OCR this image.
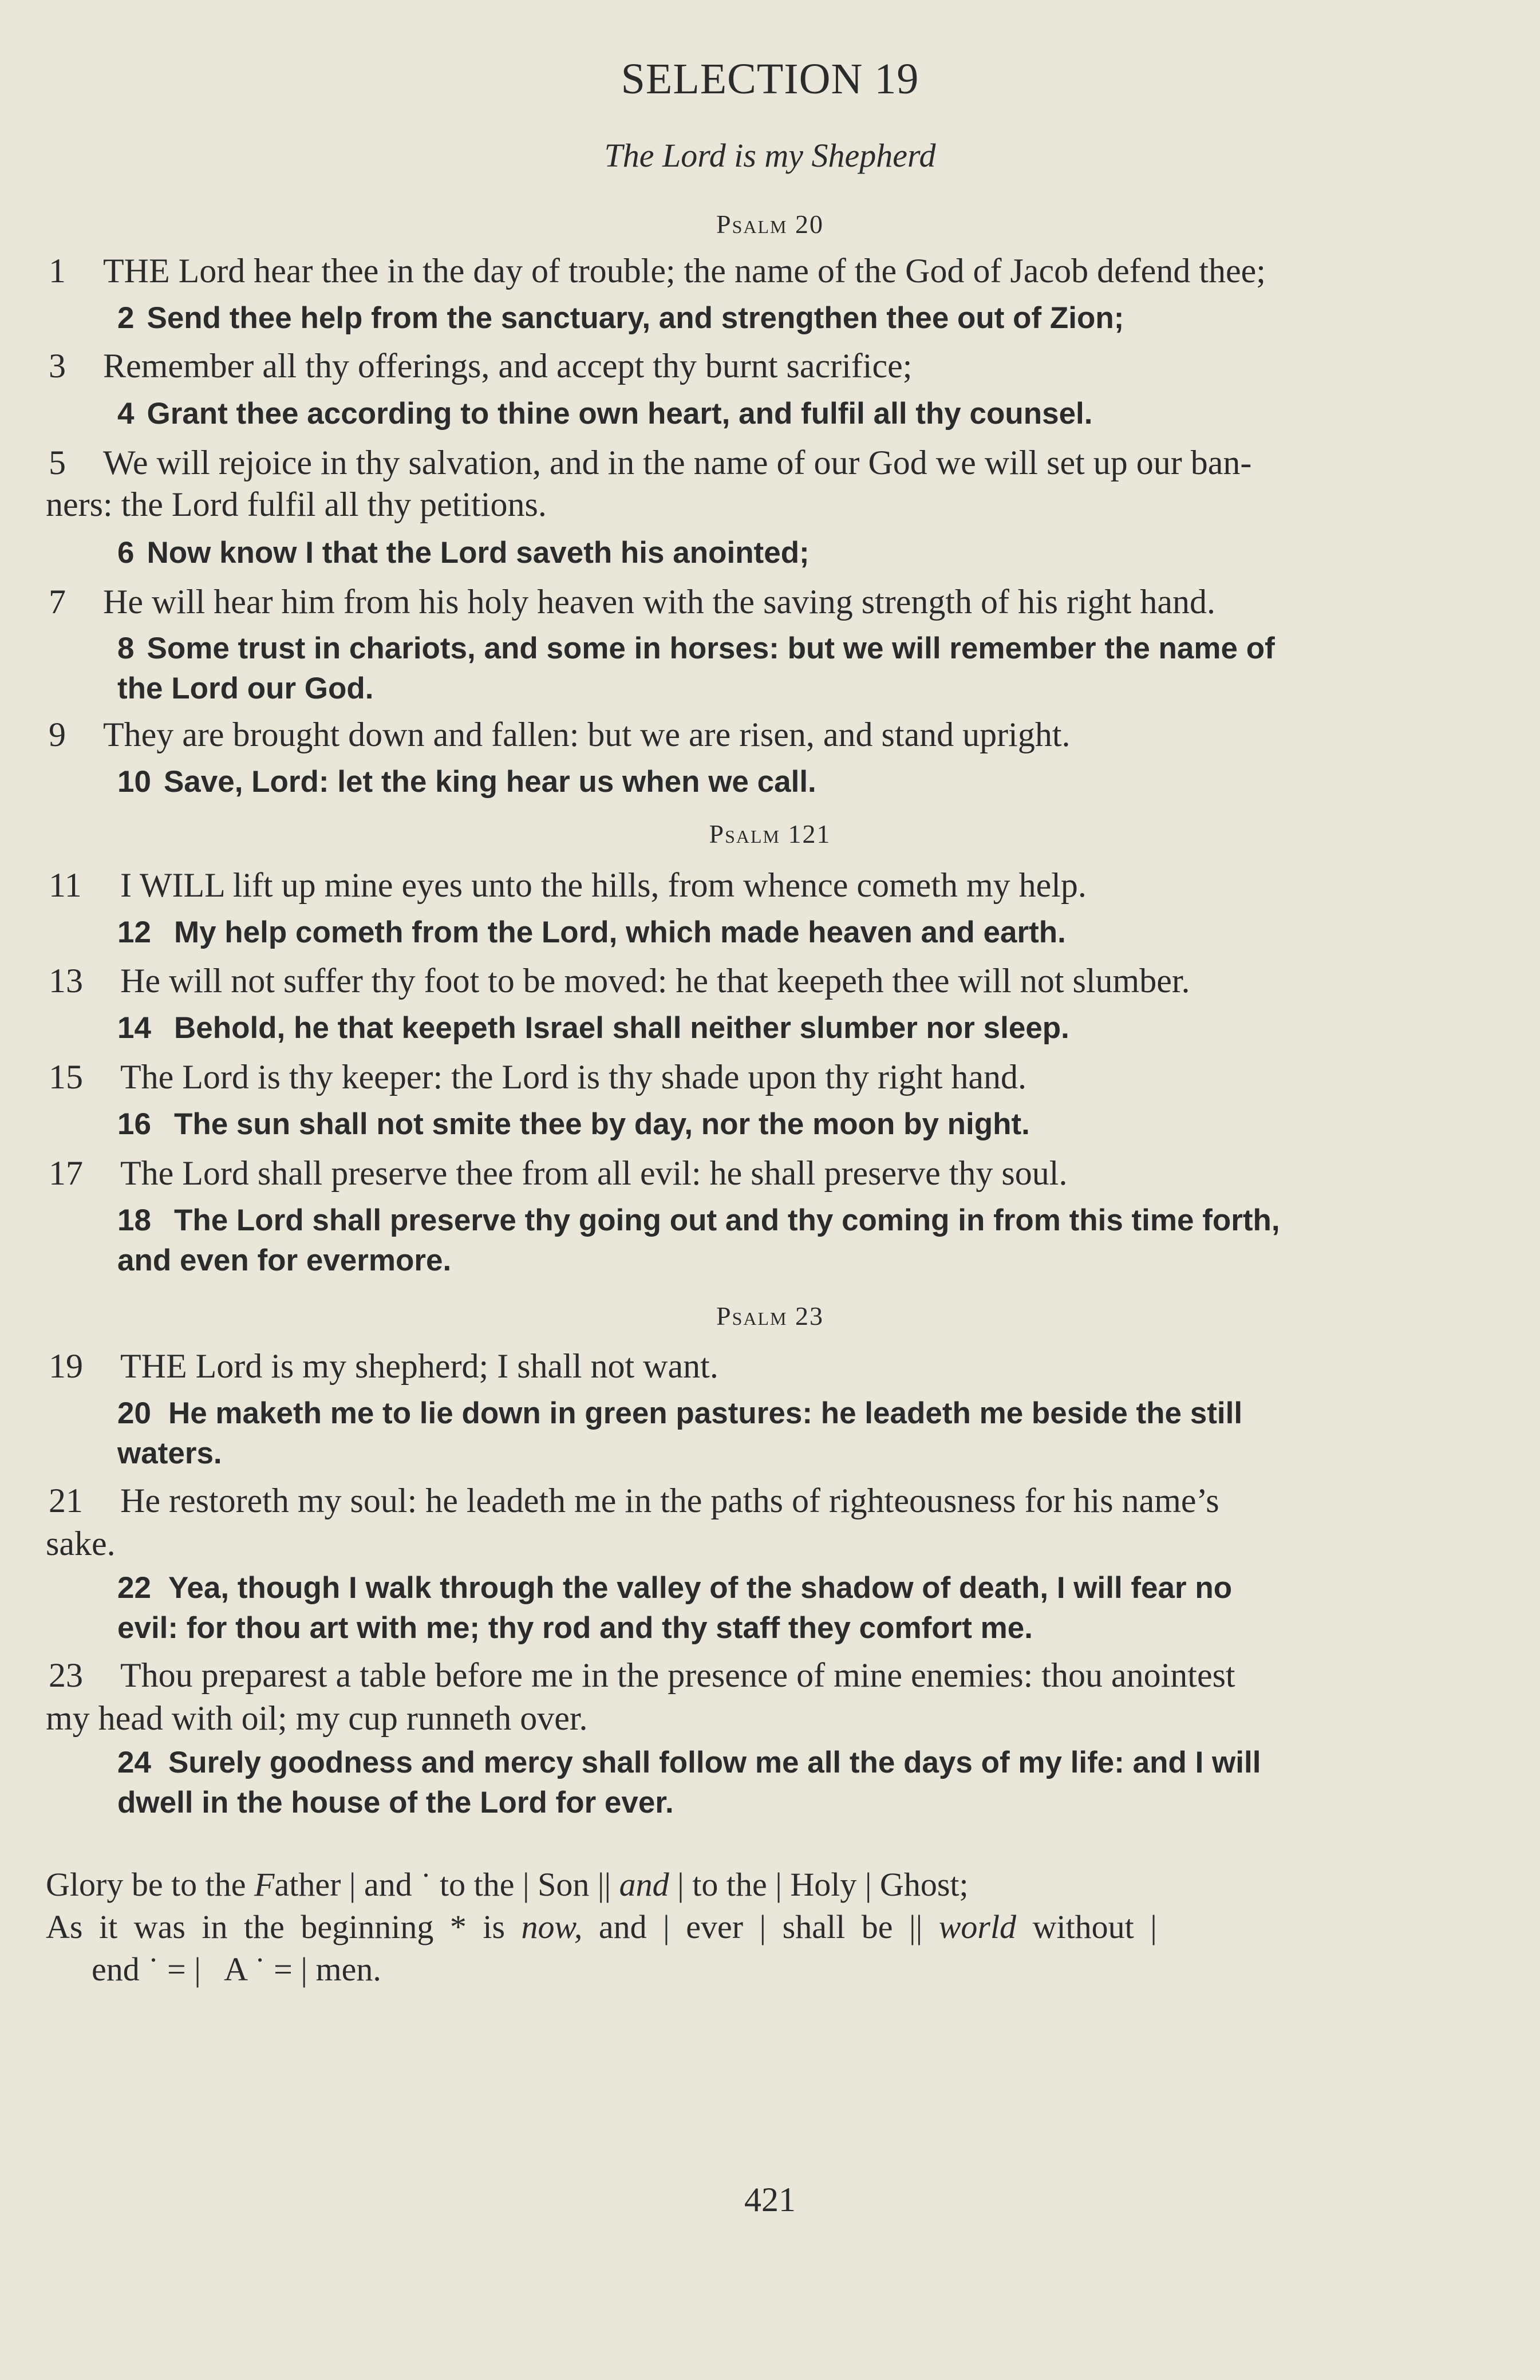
SELECTION 19
The Lord is my Shepherd
Psalm 20
1 THE Lord hear thee in the day of trouble; the name of the God of Jacob defend thee;
2 Send thee help from the sanctuary, and strengthen thee out of Zion;
3 Remember all thy offerings, and accept thy burnt sacrifice;
4 Grant thee according to thine own heart, and fulfil all thy counsel.
5 We will rejoice in thy salvation, and in the name of our God we will set up our ban-
ners: the Lord fulfil all thy petitions.
6 Now know I that the Lord saveth his anointed;
7 He will hear him from his holy heaven with the saving strength of his right hand.
8 Some trust in chariots, and some in horses: but we will remember the name of
the Lord our God.
9 They are brought down and fallen: but we are risen, and stand upright.
10 Save, Lord: let the king hear us when we call.
Psalm 121
11 I WILL lift up mine eyes unto the hills, from whence cometh my help.
12 My help cometh from the Lord, which made heaven and earth.
13 He will not suffer thy foot to be moved: he that keepeth thee will not slumber.
14 Behold, he that keepeth Israel shall neither slumber nor sleep.
15 The Lord is thy keeper: the Lord is thy shade upon thy right hand.
16 The sun shall not smite thee by day, nor the moon by night.
17 The Lord shall preserve thee from all evil: he shall preserve thy soul.
18 The Lord shall preserve thy going out and thy coming in from this time forth,
and even for evermore.
Psalm 23
19 THE Lord is my shepherd; I shall not want.
20 He maketh me to lie down in green pastures: he leadeth me beside the still
waters.
21 He restoreth my soul: he leadeth me in the paths of righteousness for his name’s
sake.
22 Yea, though I walk through the valley of the shadow of death, I will fear no
evil: for thou art with me; thy rod and thy staff they comfort me.
23 Thou preparest a table before me in the presence of mine enemies: thou anointest
my head with oil; my cup runneth over.
24 Surely goodness and mercy shall follow me all the days of my life: and I will
dwell in the house of the Lord for ever.
Glory be to the Father | and ˙ to the | Son || and | to the | Holy | Ghost;
As it was in the beginning * is now, and | ever | shall be || world without |
end ˙ = |   A ˙ = | men.
421
